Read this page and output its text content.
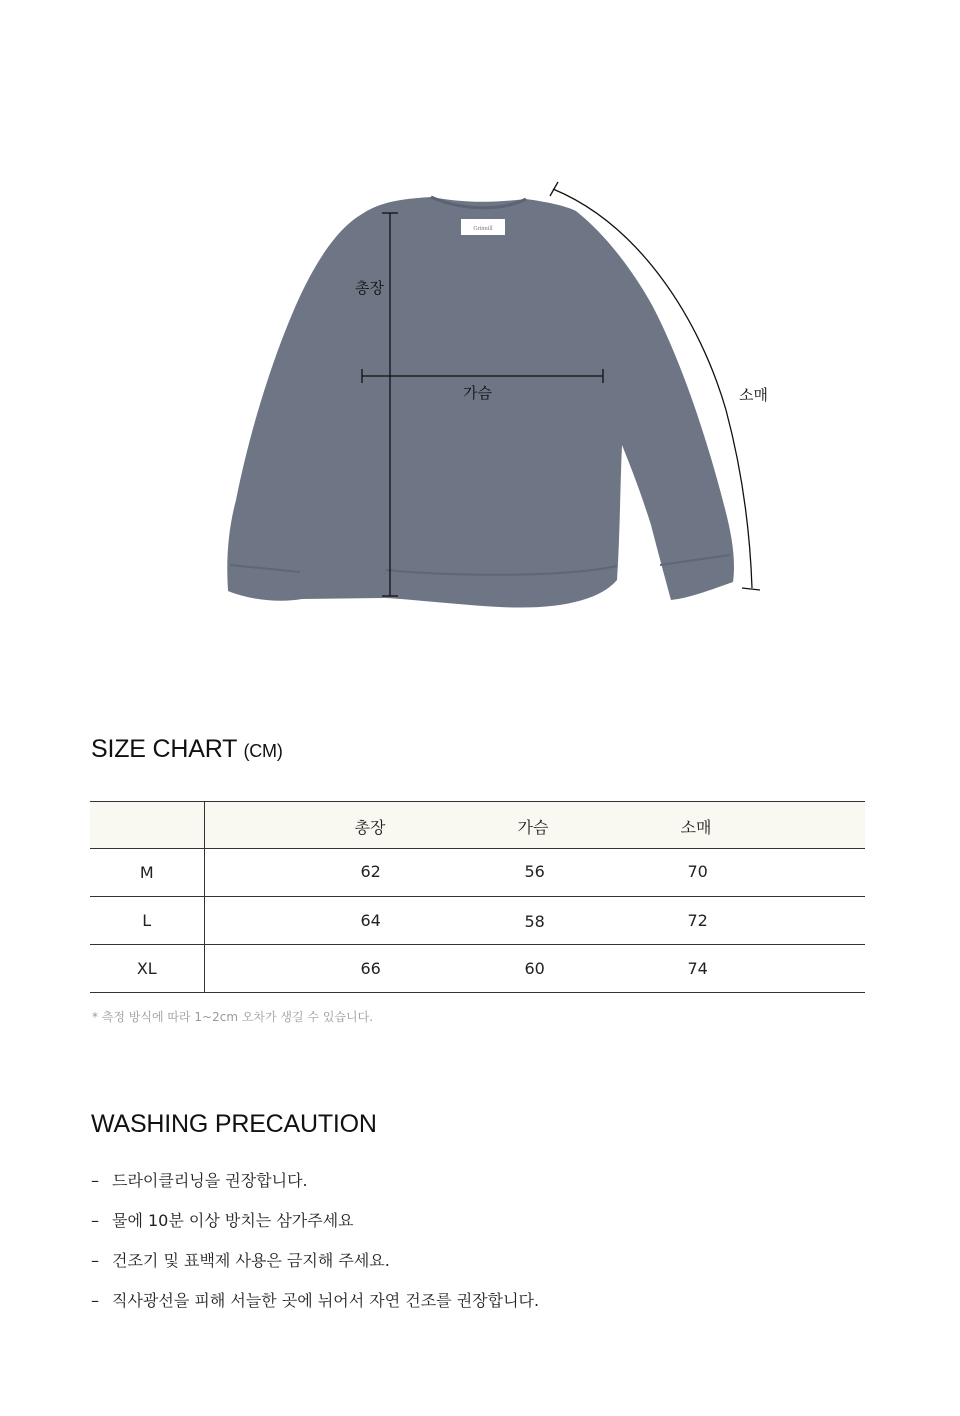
Gritmill
총장
가슴	소매
SIZE CHART (CM)

	총장 가슴 소매

M	62 56 70

L	64 58 72

XL	66 60 74
* 측정 방식에 따라 1~2cm 오차가 생길 수 있습니다.
WASHING PRECAUTION
– 드라이클리닝을 권장합니다.
– 물에 10분 이상 방치는 삼가주세요
– 건조기 및 표백제 사용은 금지해 주세요.
– 직사광선을 피해 서늘한 곳에 뉘어서 자연 건조를 권장합니다.
